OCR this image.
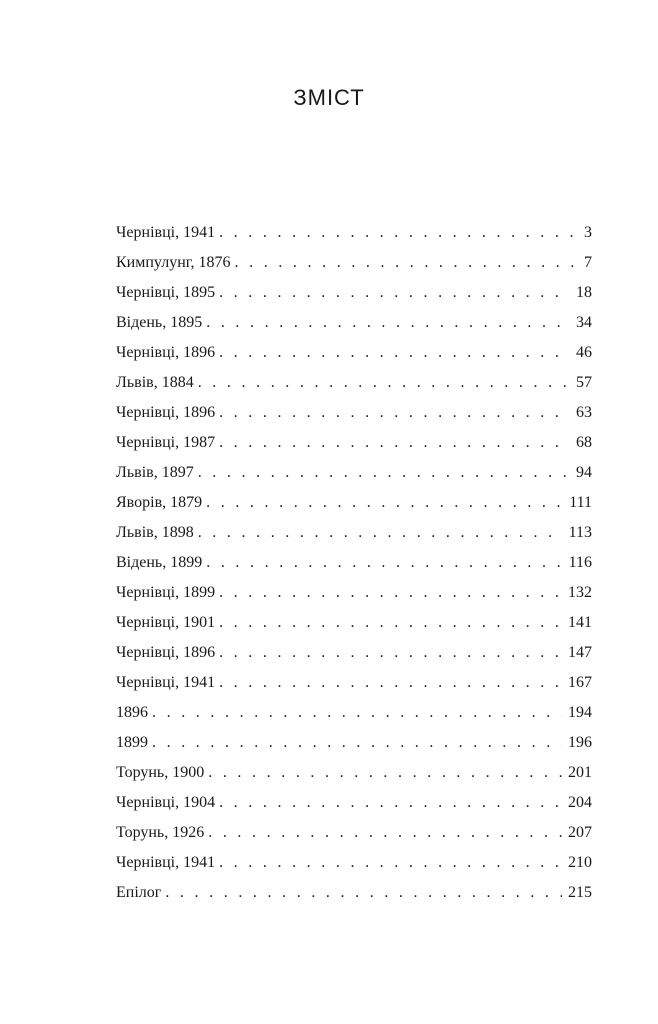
ЗМІСТ
Чернівці, 1941 . . .	3
Кимпулунг, 1876 . . .	7
Чернівці, 1895 . . .	18
Відень, 1895 . . .	34
Чернівці, 1896 . . .	46
Львів, 1884 . . .	57
Чернівці, 1896 . . .	63
Чернівці, 1987 . . .	68
Львів, 1897 . . .	94
Яворів, 1879 . . .	111
Львів, 1898 . . .	113
Відень, 1899 . . .	116
Чернівці, 1899 . . .	132
Чернівці, 1901 . . .	141
Чернівці, 1896 . . .	147
Чернівці, 1941 . . .	167
1896 . . .	194
1899 . . .	196
Торунь, 1900 . . .	201
Чернівці, 1904 . . .	204
Торунь, 1926 . . .	207
Чернівці, 1941 . . .	210
Епілог . . .	215
